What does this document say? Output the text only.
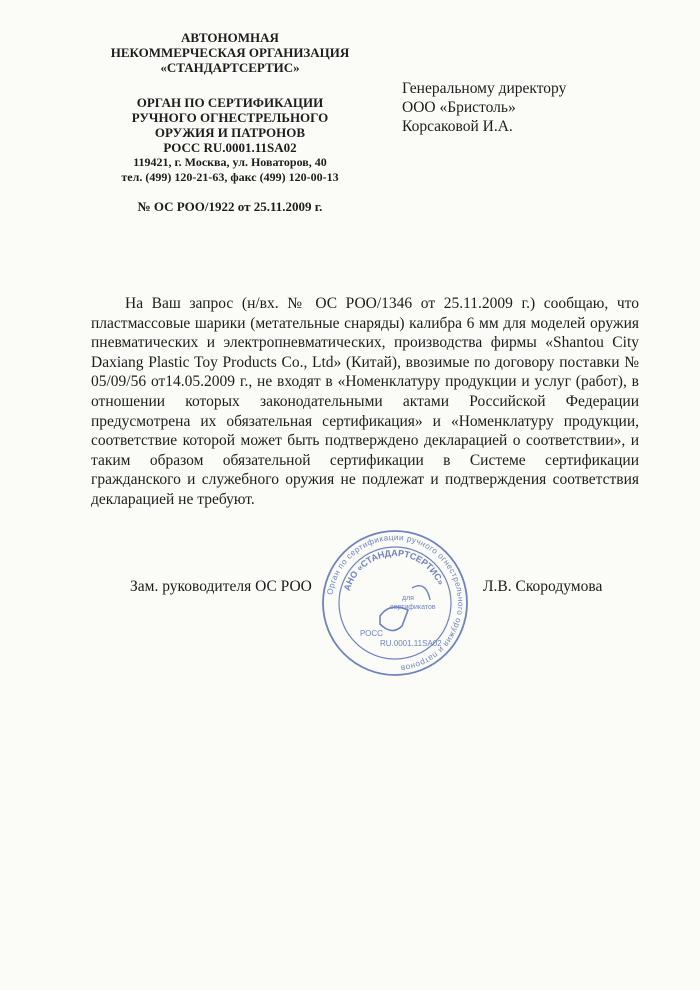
АВТОНОМНАЯ
НЕКОММЕРЧЕСКАЯ ОРГАНИЗАЦИЯ
«СТАНДАРТСЕРТИС»
ОРГАН ПО СЕРТИФИКАЦИИ
РУЧНОГО ОГНЕСТРЕЛЬНОГО
ОРУЖИЯ И ПАТРОНОВ
РОСС RU.0001.11SA02
119421, г. Москва, ул. Новаторов, 40
тел. (499) 120-21-63, факс (499) 120-00-13
№ ОС РОО/1922 от 25.11.2009 г.
Генеральному директору
ООО «Бристоль»
Корсаковой И.А.

На Ваш запрос (н/вх. № ОС РОО/1346 от 25.11.2009 г.) сообщаю, что пластмассовые шарики (метательные снаряды) калибра 6 мм для моделей оружия пневматических и электропневматических, производства фирмы «Shantou City Daxiang Plastic Toy Products Co., Ltd» (Китай), ввозимые по договору поставки № 05/09/56 от14.05.2009 г., не входят в «Номенклатуру продукции и услуг (работ), в отношении которых законодательными актами Российской Федерации предусмотрена их обязательная сертификация» и «Номенклатуру продукции, соответствие которой может быть подтверждено декларацией о соответствии», и таким образом обязательной сертификации в Системе сертификации гражданского и служебного оружия не подлежат и подтверждения соответствия декларацией не требуют.

Зам. руководителя ОС РОО	Л.В. Скородумова
Орган по сертификации ручного огнестрельного оружия и патронов
АНО «СТАНДАРТСЕРТИС»
для
сертификатов
РОСС
RU.0001.11SA02
